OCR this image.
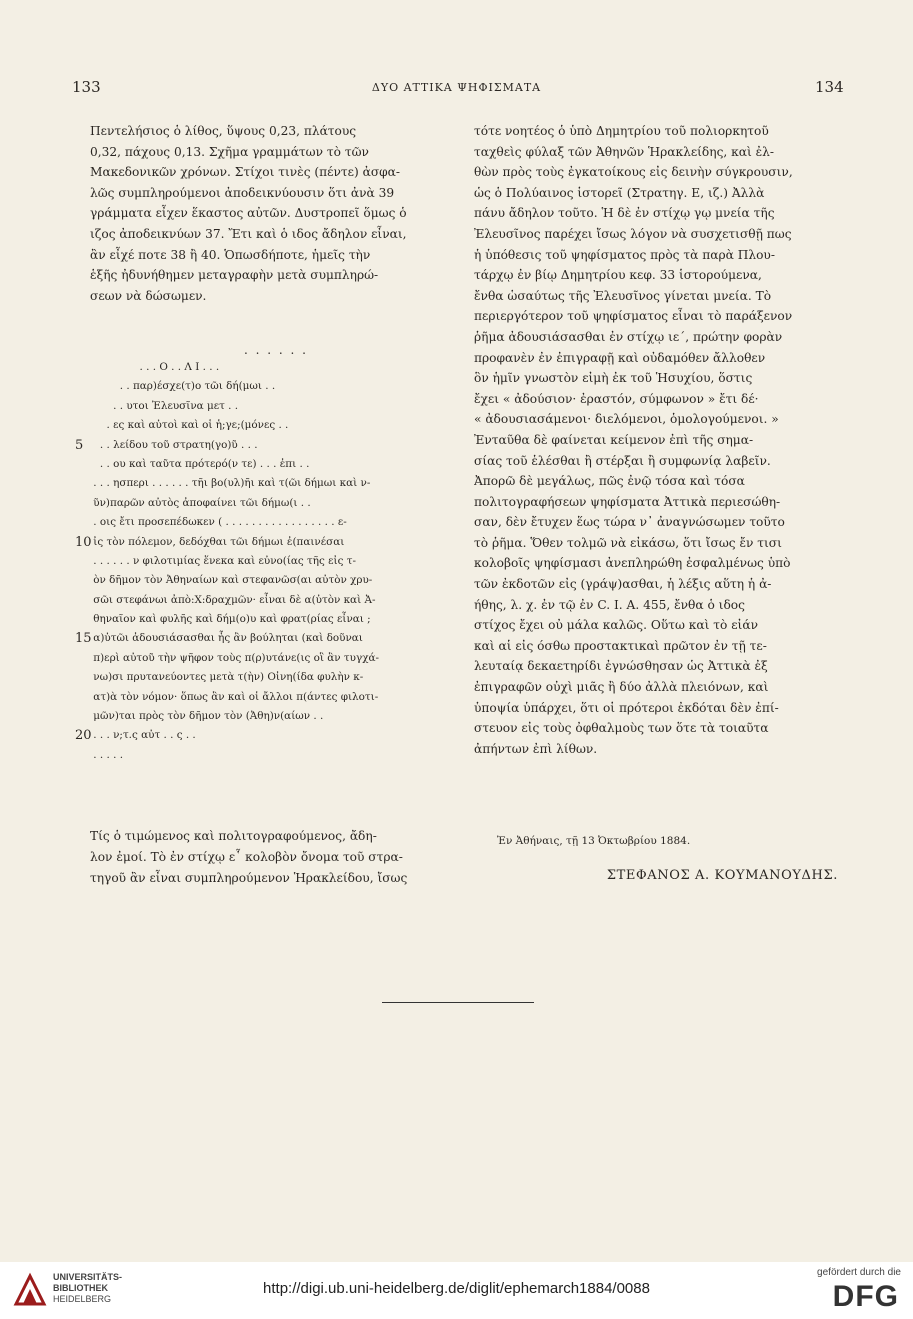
133	ΔΥΟ ΑΤΤΙΚΑ ΨΗΦΙΣΜΑΤΑ	134
Πεντελήσιος ὁ λίθος, ὕψους 0,23, πλάτους
0,32, πάχους 0,13. Σχῆμα γραμμάτων τὸ τῶν
Μακεδονικῶν χρόνων. Στίχοι τινὲς (πέντε) ἀσφα-
λῶς συμπληρούμενοι ἀποδεικνύουσιν ὅτι ἀνὰ 39
γράμματα εἶχεν ἕκαστος αὐτῶν. Δυστροπεῖ ὅμως ὁ
ιζος ἀποδεικνύων 37. Ἔτι καὶ ὁ ιδος ἄδηλον εἶναι,
ἂν εἶχέ ποτε 38 ἢ 40. Ὁπωσδήποτε, ἡμεῖς τὴν
ἑξῆς ἠδυνήθημεν μεταγραφὴν μετὰ συμπληρώ-
σεων νὰ δώσωμεν.
. . . . . .
. . . Ο . . Λ Ι . . .
. . παρ)έσχε(τ)ο τῶι δή(μωι . .
. . υτοι Ἐλευσῖνα μετ . .
. ες καὶ αὐτοὶ καὶ οἱ ἡ;γε;(μόνες . .
5 . . λείδου τοῦ στρατη(γο)ῦ . . .
. . ου καὶ ταῦτα πρότερό(ν τε) . . . ἐπι . .
. . . ησπερι . . . . . . τῆι βο(υλ)ῆι καὶ τ(ῶι δήμωι καὶ ν-
ῦν)παρῶν αὐτὸς ἀποφαίνει τῶι δήμω(ι . .
. οις ἔτι προσεπέδωκεν ( . . . . . . . . . . . . . . . . . ε-
10
ἰς τὸν πόλεμον, δεδόχθαι τῶι δήμωι ἐ(παινέσαι
. . . . . . ν φιλοτιμίας ἕνεκα καὶ εὐνο(ίας τῆς εἰς τ-
ὸν δῆμον τὸν Ἀθηναίων καὶ στεφανῶσ(αι αὐτὸν χρυ-
σῶι στεφάνωι ἀπὸ:Χ:δραχμῶν· εἶναι δὲ α(ὐτὸν καὶ Ἀ-
θηναῖον καὶ φυλῆς καὶ δήμ(ο)υ καὶ φρατ(ρίας εἶναι ;
15
α)ὐτῶι ἀδουσιάσασθαι ἧς ἂν βούληται (καὶ δοῦναι
π)ερὶ αὐτοῦ τὴν ψῆφον τοὺς π(ρ)υτάνε(ις οἳ ἂν τυγχά-
νω)σι πρυτανεύοντες μετὰ τ(ὴν) Οἰνη(ίδα φυλὴν κ-
ατ)ὰ τὸν νόμον· ὅπως ἂν καὶ οἱ ἄλλοι π(άντες φιλοτι-
μῶν)ται πρὸς τὸν δῆμον τὸν (Ἀθη)ν(αίων . .
20
. . . ν;τ.ς αὐτ . . ς . .
. . . . .
Τίς ὁ τιμώμενος καὶ πολιτογραφούμενος, ἄδη-
λον ἐμοί. Τὸ ἐν στίχῳ ε῟ κολοβὸν ὄνομα τοῦ στρα-
τηγοῦ ἂν εἶναι συμπληρούμενον Ἡρακλείδου, ἴσως
τότε νοητέος ὁ ὑπὸ Δημητρίου τοῦ πολιορκητοῦ
ταχθεὶς φύλαξ τῶν Ἀθηνῶν Ἡρακλείδης, καὶ ἐλ-
θὼν πρὸς τοὺς ἐγκατοίκους εἰς δεινὴν σύγκρουσιν,
ὡς ὁ Πολύαινος ἱστορεῖ (Στρατηγ. Ε, ιζ.) Ἀλλὰ
πάνυ ἄδηλον τοῦτο. Ἡ δὲ ἐν στίχῳ γῳ μνεία τῆς
Ἐλευσῖνος παρέχει ἴσως λόγον νὰ συσχετισθῇ πως
ἡ ὑπόθεσις τοῦ ψηφίσματος πρὸς τὰ παρὰ Πλου-
τάρχῳ ἐν βίῳ Δημητρίου κεφ. 33 ἱστορούμενα,
ἔνθα ὡσαύτως τῆς Ἐλευσῖνος γίνεται μνεία. Τὸ
περιεργότερον τοῦ ψηφίσματος εἶναι τὸ παράξενον
ῥῆμα ἀδουσιάσασθαι ἐν στίχῳ ιε΄, πρώτην φορὰν
προφανὲν ἐν ἐπιγραφῇ καὶ οὐδαμόθεν ἄλλοθεν
ὃν ἡμῖν γνωστὸν εἰμὴ ἐκ τοῦ Ἡσυχίου, ὅστις
ἔχει « ἀδούσιον· ἐραστόν, σύμφωνον » ἔτι δέ·
« ἀδουσιασάμενοι· διελόμενοι, ὁμολογούμενοι. »
Ἐνταῦθα δὲ φαίνεται κείμενον ἐπὶ τῆς σημα-
σίας τοῦ ἑλέσθαι ἢ στέρξαι ἢ συμφωνίᾳ λαβεῖν.
Ἀπορῶ δὲ μεγάλως, πῶς ἐνῷ τόσα καὶ τόσα
πολιτογραφήσεων ψηφίσματα Ἀττικὰ περιεσώθη-
σαν, δὲν ἔτυχεν ἕως τώρα ν᾽ ἀναγνώσωμεν τοῦτο
τὸ ῥῆμα. Ὅθεν τολμῶ νὰ εἰκάσω, ὅτι ἴσως ἔν τισι
κολοβοῖς ψηφίσμασι ἀνεπληρώθη ἐσφαλμένως ὑπὸ
τῶν ἐκδοτῶν εἰς (γράψ)ασθαι, ἡ λέξις αὕτη ἡ ἀ-
ήθης, λ. χ. ἐν τῷ ἐν C. I. A. 455, ἔνθα ὁ ιδος
στίχος ἔχει οὐ μάλα καλῶς. Οὕτω καὶ τὸ εἰάν
καὶ αἱ εἰς όσθω προστακτικαὶ πρῶτον ἐν τῇ τε-
λευταίᾳ δεκαετηρίδι ἐγνώσθησαν ὡς Ἀττικὰ ἐξ
ἐπιγραφῶν οὐχὶ μιᾶς ἢ δύο ἀλλὰ πλειόνων, καὶ
ὑποψία ὑπάρχει, ὅτι οἱ πρότεροι ἐκδόται δὲν ἐπί-
στευον εἰς τοὺς ὀφθαλμοὺς των ὅτε τὰ τοιαῦτα
ἀπήντων ἐπὶ λίθων.
Ἐν Ἀθήναις, τῇ 13 Ὀκτωβρίου 1884.
ΣΤΕΦΑΝΟΣ Α. ΚΟΥΜΑΝΟΥΔΗΣ.
UNIVERSITÄTS-
BIBLIOTHEK
HEIDELBERG
http://digi.ub.uni-heidelberg.de/diglit/ephemarch1884/0088
gefördert durch die
DFG
